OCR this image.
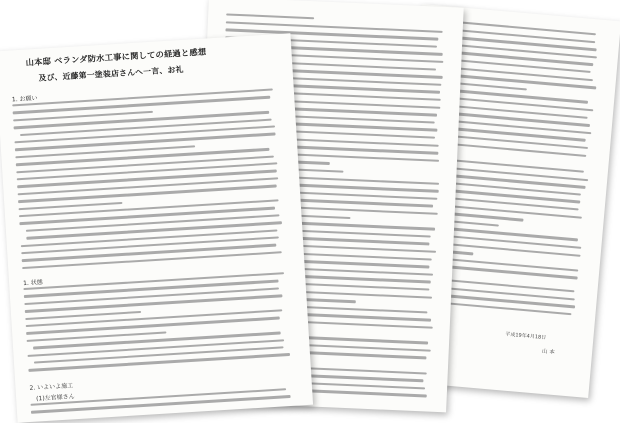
平成19年4月18日
山 本
山本邸 ベランダ防水工事に関しての経過と感想
及び、近藤第一塗装店さんへ一言、お礼
1. お願い
1. 状態
2. いよいよ施工
(1)左官様さん
